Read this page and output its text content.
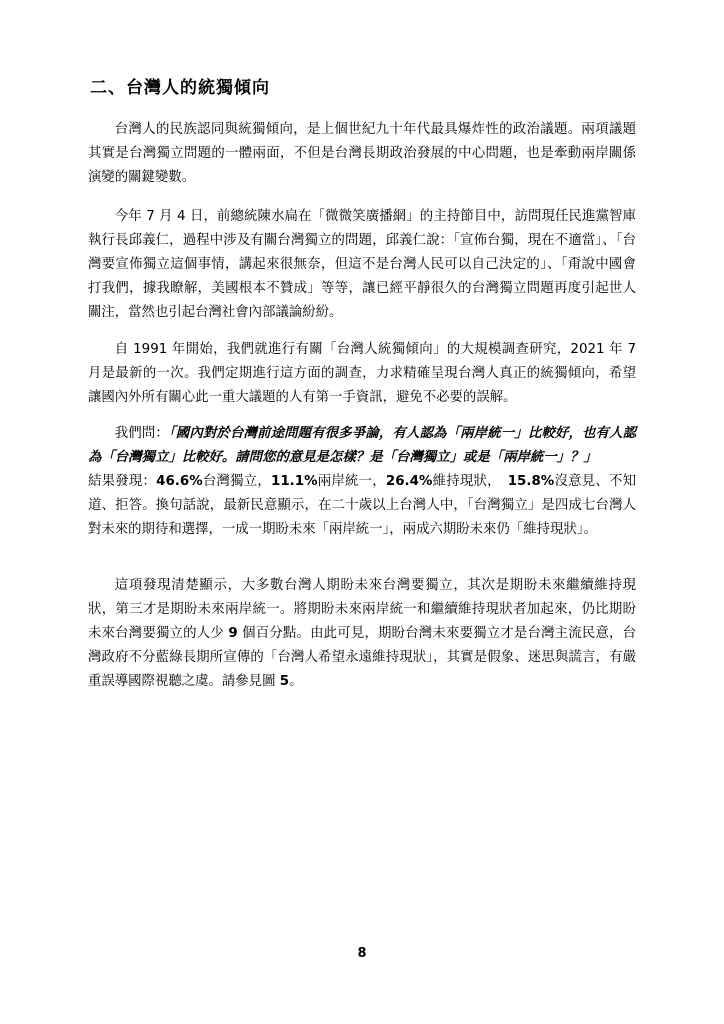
二、台灣人的統獨傾向

台灣人的民族認同與統獨傾向，是上個世紀九十年代最具爆炸性的政治議題。兩項議題其實是台灣獨立問題的一體兩面，不但是台灣長期政治發展的中心問題，也是牽動兩岸關係演變的關鍵變數。

今年 7 月 4 日，前總統陳水扁在「微微笑廣播網」的主持節目中，訪問現任民進黨智庫執行長邱義仁，過程中涉及有關台灣獨立的問題，邱義仁說：「宣佈台獨，現在不適當」、「台灣要宣佈獨立這個事情，講起來很無奈，但這不是台灣人民可以自己決定的」、「甭說中國會打我們，據我瞭解，美國根本不贊成」等等，讓已經平靜很久的台灣獨立問題再度引起世人關注，當然也引起台灣社會內部議論紛紛。

自 1991 年開始，我們就進行有關「台灣人統獨傾向」的大規模調查研究，2021 年 7 月是最新的一次。我們定期進行這方面的調查，力求精確呈現台灣人真正的統獨傾向，希望讓國內外所有關心此一重大議題的人有第一手資訊，避免不必要的誤解。

我們問：「國內對於台灣前途問題有很多爭論，有人認為「兩岸統一」比較好，也有人認為「台灣獨立」比較好。請問您的意見是怎樣？是「台灣獨立」或是「兩岸統一」？」
結果發現：46.6%台灣獨立，11.1%兩岸統一，26.4%維持現狀，　15.8%沒意見、不知道、拒答。換句話說，最新民意顯示，在二十歲以上台灣人中，「台灣獨立」是四成七台灣人對未來的期待和選擇，一成一期盼未來「兩岸統一」，兩成六期盼未來仍「維持現狀」。

這項發現清楚顯示，大多數台灣人期盼未來台灣要獨立，其次是期盼未來繼續維持現狀，第三才是期盼未來兩岸統一。將期盼未來兩岸統一和繼續維持現狀者加起來，仍比期盼未來台灣要獨立的人少 9 個百分點。由此可見，期盼台灣未來要獨立才是台灣主流民意，台灣政府不分藍綠長期所宣傳的「台灣人希望永遠維持現狀」，其實是假象、迷思與謊言，有嚴重誤導國際視聽之虞。請參見圖 5。

8
